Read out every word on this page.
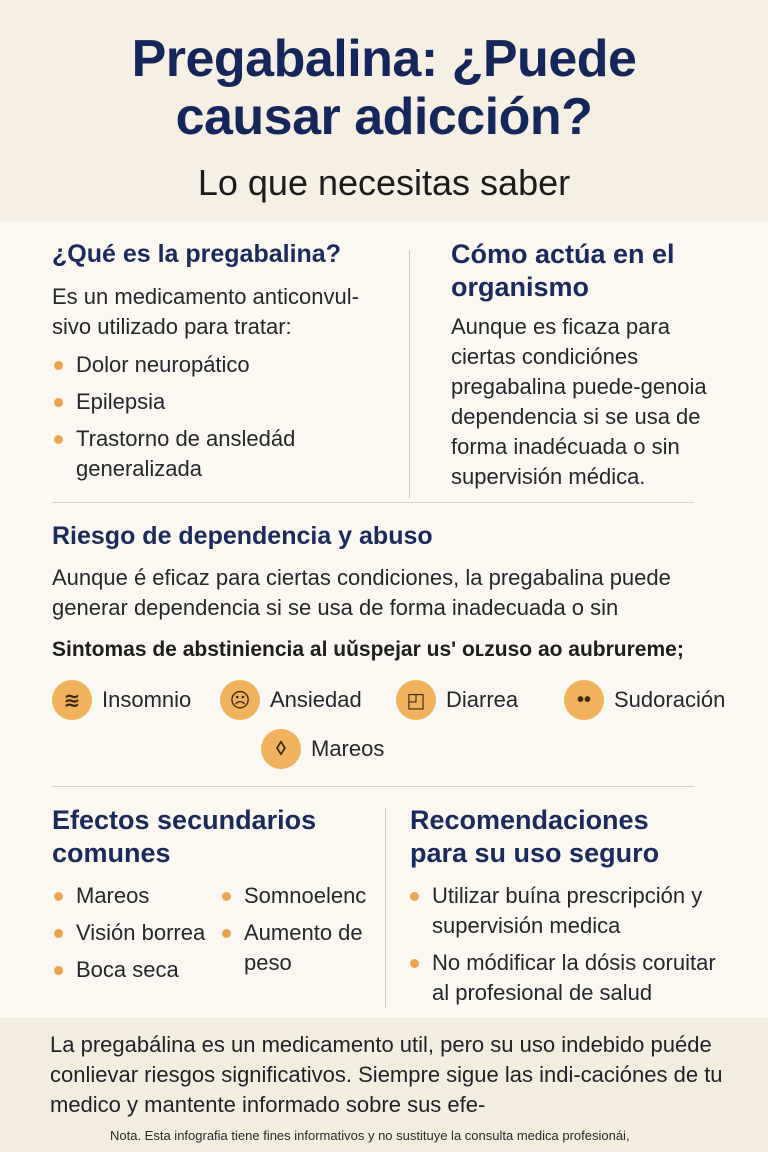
Pregabalina: ¿Puede causar adicción?
Lo que necesitas saber
¿Qué es la pregabalina?
Es un medicamento anticonvul-sivo utilizado para tratar:
Dolor neuropático
Epilepsia
Trastorno de ansledád generalizada
Cómo actúa en el organismo
Aunque es ficaza para ciertas condiciónes pregabalina puede-genoia dependencia si se usa de forma inadécuada o sin supervisión médica.
Riesgo de dependencia y abuso
Aunque é eficaz para ciertas condiciones, la pregabalina puede generar dependencia si se usa de forma inadecuada o sin
Sintomas de abstiniencia al uǔspejar us' oʟzuso ao aubrureme;
≋ Insomnio	☹ Ansiedad	◰ Diarrea	••	Sudoración
◊	Mareos
Efectos secundarios comunes
Mareos
Visión borrea
Boca seca
Somnoelenc
Aumento de peso
Recomendaciones para su uso seguro
Utilizar buína prescripción y supervisión medica
No módificar la dósis coruitar al profesional de salud
La pregabálina es un medicamento util, pero su uso indebido puéde conlievar riesgos significativos. Siempre sigue las indi-caciónes de tu medico y mantente informado sobre sus efe-
Nota. Esta infografia tiene fines informativos y no sustituye la consulta medica profesionái,
